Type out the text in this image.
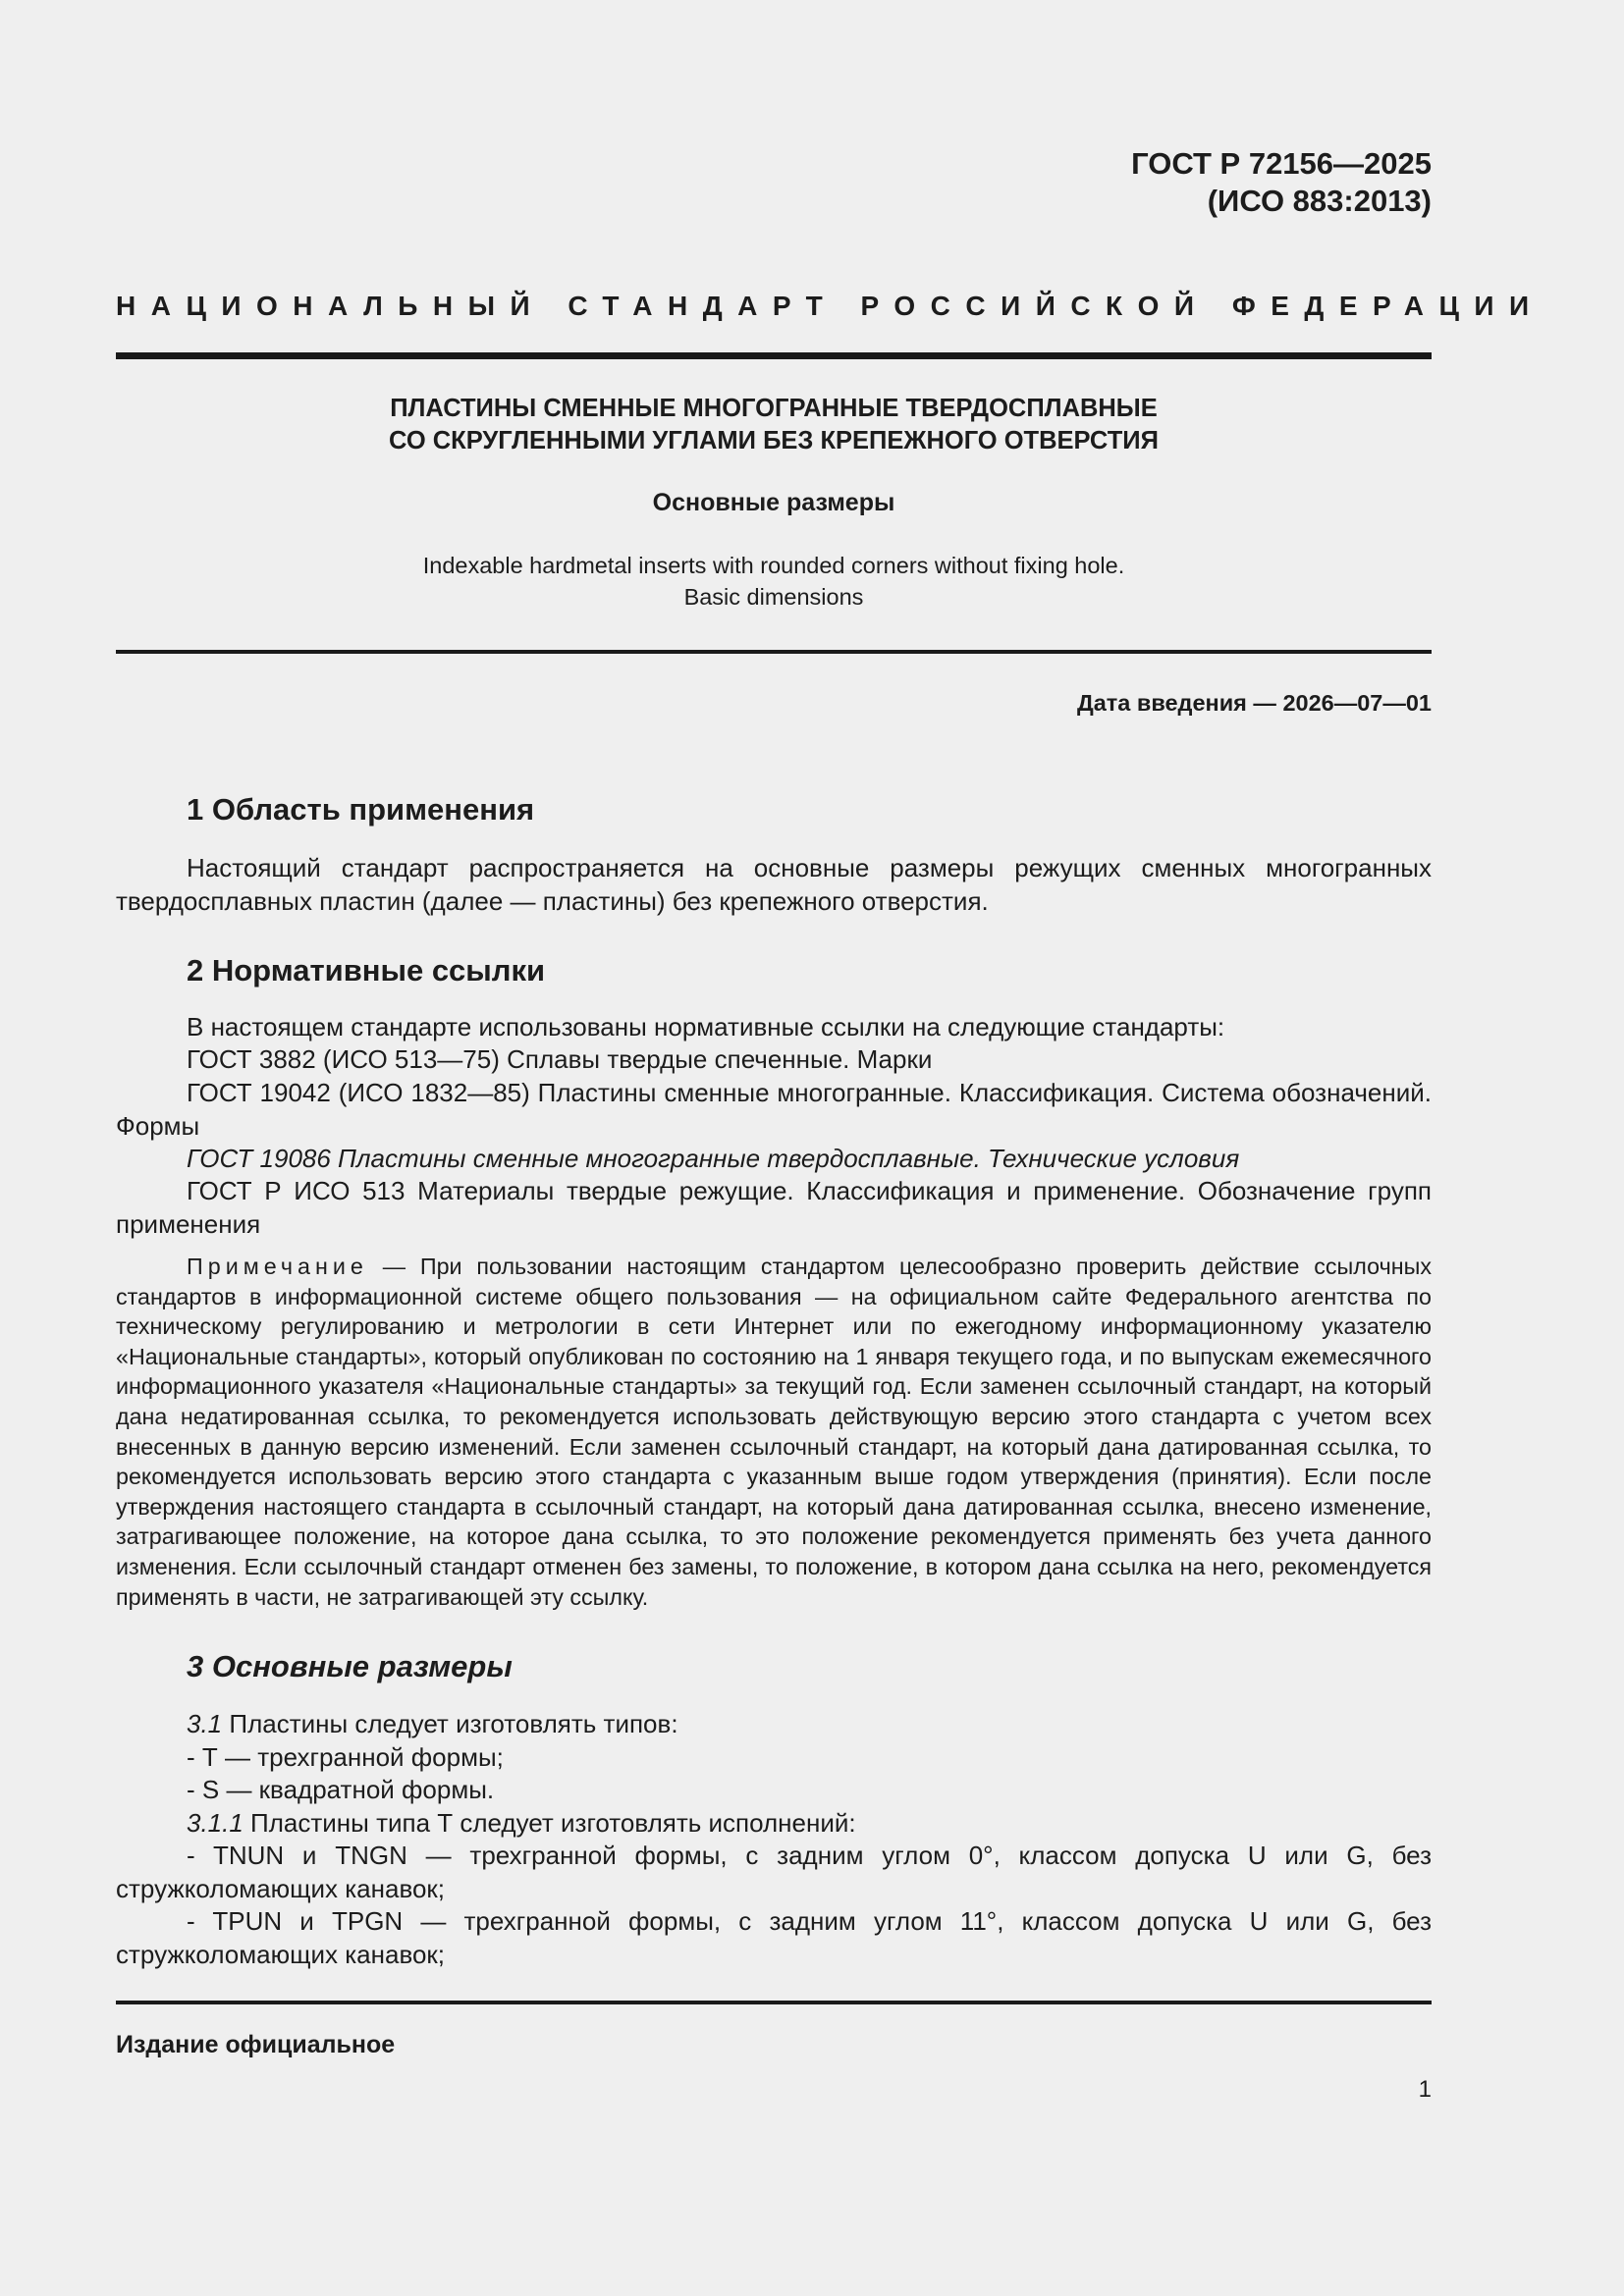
ГОСТ Р 72156—2025
(ИСО 883:2013)
НАЦИОНАЛЬНЫЙ СТАНДАРТ РОССИЙСКОЙ ФЕДЕРАЦИИ
ПЛАСТИНЫ СМЕННЫЕ МНОГОГРАННЫЕ ТВЕРДОСПЛАВНЫЕ
СО СКРУГЛЕННЫМИ УГЛАМИ БЕЗ КРЕПЕЖНОГО ОТВЕРСТИЯ
Основные размеры
Indexable hardmetal inserts with rounded corners without fixing hole.
Basic dimensions
Дата введения — 2026—07—01
1 Область применения
Настоящий стандарт распространяется на основные размеры режущих сменных многогранных твердосплавных пластин (далее — пластины) без крепежного отверстия.
2 Нормативные ссылки
В настоящем стандарте использованы нормативные ссылки на следующие стандарты:
ГОСТ 3882 (ИСО 513—75) Сплавы твердые спеченные. Марки
ГОСТ 19042 (ИСО 1832—85) Пластины сменные многогранные. Классификация. Система обозначений. Формы
ГОСТ 19086 Пластины сменные многогранные твердосплавные. Технические условия
ГОСТ Р ИСО 513 Материалы твердые режущие. Классификация и применение. Обозначение групп применения
Примечание — При пользовании настоящим стандартом целесообразно проверить действие ссылочных стандартов в информационной системе общего пользования — на официальном сайте Федерального агентства по техническому регулированию и метрологии в сети Интернет или по ежегодному информационному указателю «Национальные стандарты», который опубликован по состоянию на 1 января текущего года, и по выпускам ежемесячного информационного указателя «Национальные стандарты» за текущий год. Если заменен ссылочный стандарт, на который дана недатированная ссылка, то рекомендуется использовать действующую версию этого стандарта с учетом всех внесенных в данную версию изменений. Если заменен ссылочный стандарт, на который дана датированная ссылка, то рекомендуется использовать версию этого стандарта с указанным выше годом утверждения (принятия). Если после утверждения настоящего стандарта в ссылочный стандарт, на который дана датированная ссылка, внесено изменение, затрагивающее положение, на которое дана ссылка, то это положение рекомендуется применять без учета данного изменения. Если ссылочный стандарт отменен без замены, то положение, в котором дана ссылка на него, рекомендуется применять в части, не затрагивающей эту ссылку.
3 Основные размеры
3.1 Пластины следует изготовлять типов:
- Т — трехгранной формы;
- S — квадратной формы.
3.1.1 Пластины типа Т следует изготовлять исполнений:
- TNUN и TNGN — трехгранной формы, с задним углом 0°, классом допуска U или G, без стружколомающих канавок;
- TPUN и TPGN — трехгранной формы, с задним углом 11°, классом допуска U или G, без стружколомающих канавок;
Издание официальное
1
